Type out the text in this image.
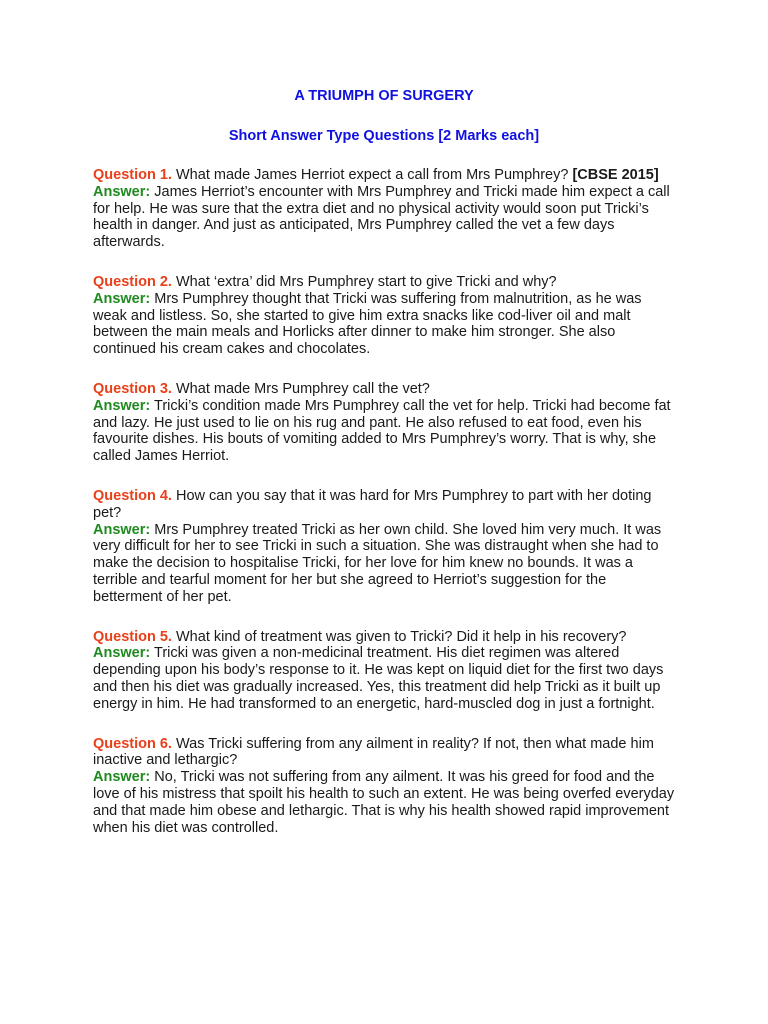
A TRIUMPH OF SURGERY
Short Answer Type Questions [2 Marks each]
Question 1. What made James Herriot expect a call from Mrs Pumphrey? [CBSE 2015]
Answer: James Herriot’s encounter with Mrs Pumphrey and Tricki made him expect a call for help. He was sure that the extra diet and no physical activity would soon put Tricki’s health in danger. And just as anticipated, Mrs Pumphrey called the vet a few days afterwards.
Question 2. What ‘extra’ did Mrs Pumphrey start to give Tricki and why?
Answer: Mrs Pumphrey thought that Tricki was suffering from malnutrition, as he was weak and listless. So, she started to give him extra snacks like cod-liver oil and malt between the main meals and Horlicks after dinner to make him stronger. She also continued his cream cakes and chocolates.
Question 3. What made Mrs Pumphrey call the vet?
Answer: Tricki’s condition made Mrs Pumphrey call the vet for help. Tricki had become fat and lazy. He just used to lie on his rug and pant. He also refused to eat food, even his favourite dishes. His bouts of vomiting added to Mrs Pumphrey’s worry. That is why, she called James Herriot.
Question 4. How can you say that it was hard for Mrs Pumphrey to part with her doting pet?
Answer: Mrs Pumphrey treated Tricki as her own child. She loved him very much. It was very difficult for her to see Tricki in such a situation. She was distraught when she had to make the decision to hospitalise Tricki, for her love for him knew no bounds. It was a terrible and tearful moment for her but she agreed to Herriot’s suggestion for the betterment of her pet.
Question 5. What kind of treatment was given to Tricki? Did it help in his recovery?
Answer: Tricki was given a non-medicinal treatment. His diet regimen was altered depending upon his body’s response to it. He was kept on liquid diet for the first two days and then his diet was gradually increased. Yes, this treatment did help Tricki as it built up energy in him. He had transformed to an energetic, hard-muscled dog in just a fortnight.
Question 6. Was Tricki suffering from any ailment in reality? If not, then what made him inactive and lethargic?
Answer: No, Tricki was not suffering from any ailment. It was his greed for food and the love of his mistress that spoilt his health to such an extent. He was being overfed everyday and that made him obese and lethargic. That is why his health showed rapid improvement when his diet was controlled.
